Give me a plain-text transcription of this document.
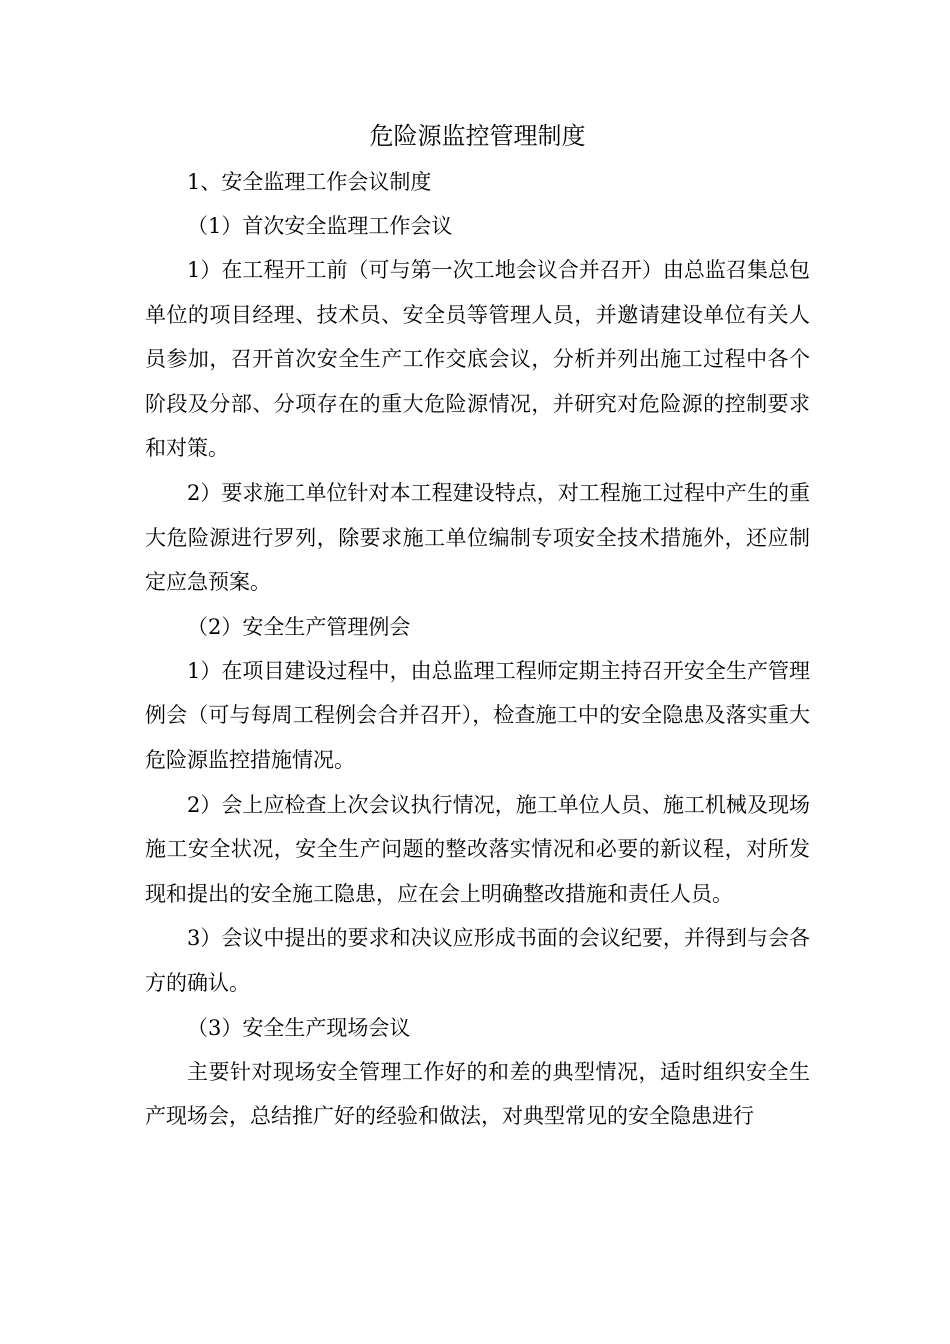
危险源监控管理制度

1、安全监理工作会议制度

（1）首次安全监理工作会议

1）在工程开工前（可与第一次工地会议合并召开）由总监召集总包单位的项目经理、技术员、安全员等管理人员，并邀请建设单位有关人员参加，召开首次安全生产工作交底会议，分析并列出施工过程中各个阶段及分部、分项存在的重大危险源情况，并研究对危险源的控制要求和对策。

2）要求施工单位针对本工程建设特点，对工程施工过程中产生的重大危险源进行罗列，除要求施工单位编制专项安全技术措施外，还应制定应急预案。

（2）安全生产管理例会

1）在项目建设过程中，由总监理工程师定期主持召开安全生产管理例会（可与每周工程例会合并召开），检查施工中的安全隐患及落实重大危险源监控措施情况。

2）会上应检查上次会议执行情况，施工单位人员、施工机械及现场施工安全状况，安全生产问题的整改落实情况和必要的新议程，对所发现和提出的安全施工隐患，应在会上明确整改措施和责任人员。

3）会议中提出的要求和决议应形成书面的会议纪要，并得到与会各方的确认。

（3）安全生产现场会议

主要针对现场安全管理工作好的和差的典型情况，适时组织安全生产现场会，总结推广好的经验和做法，对典型常见的安全隐患进行
